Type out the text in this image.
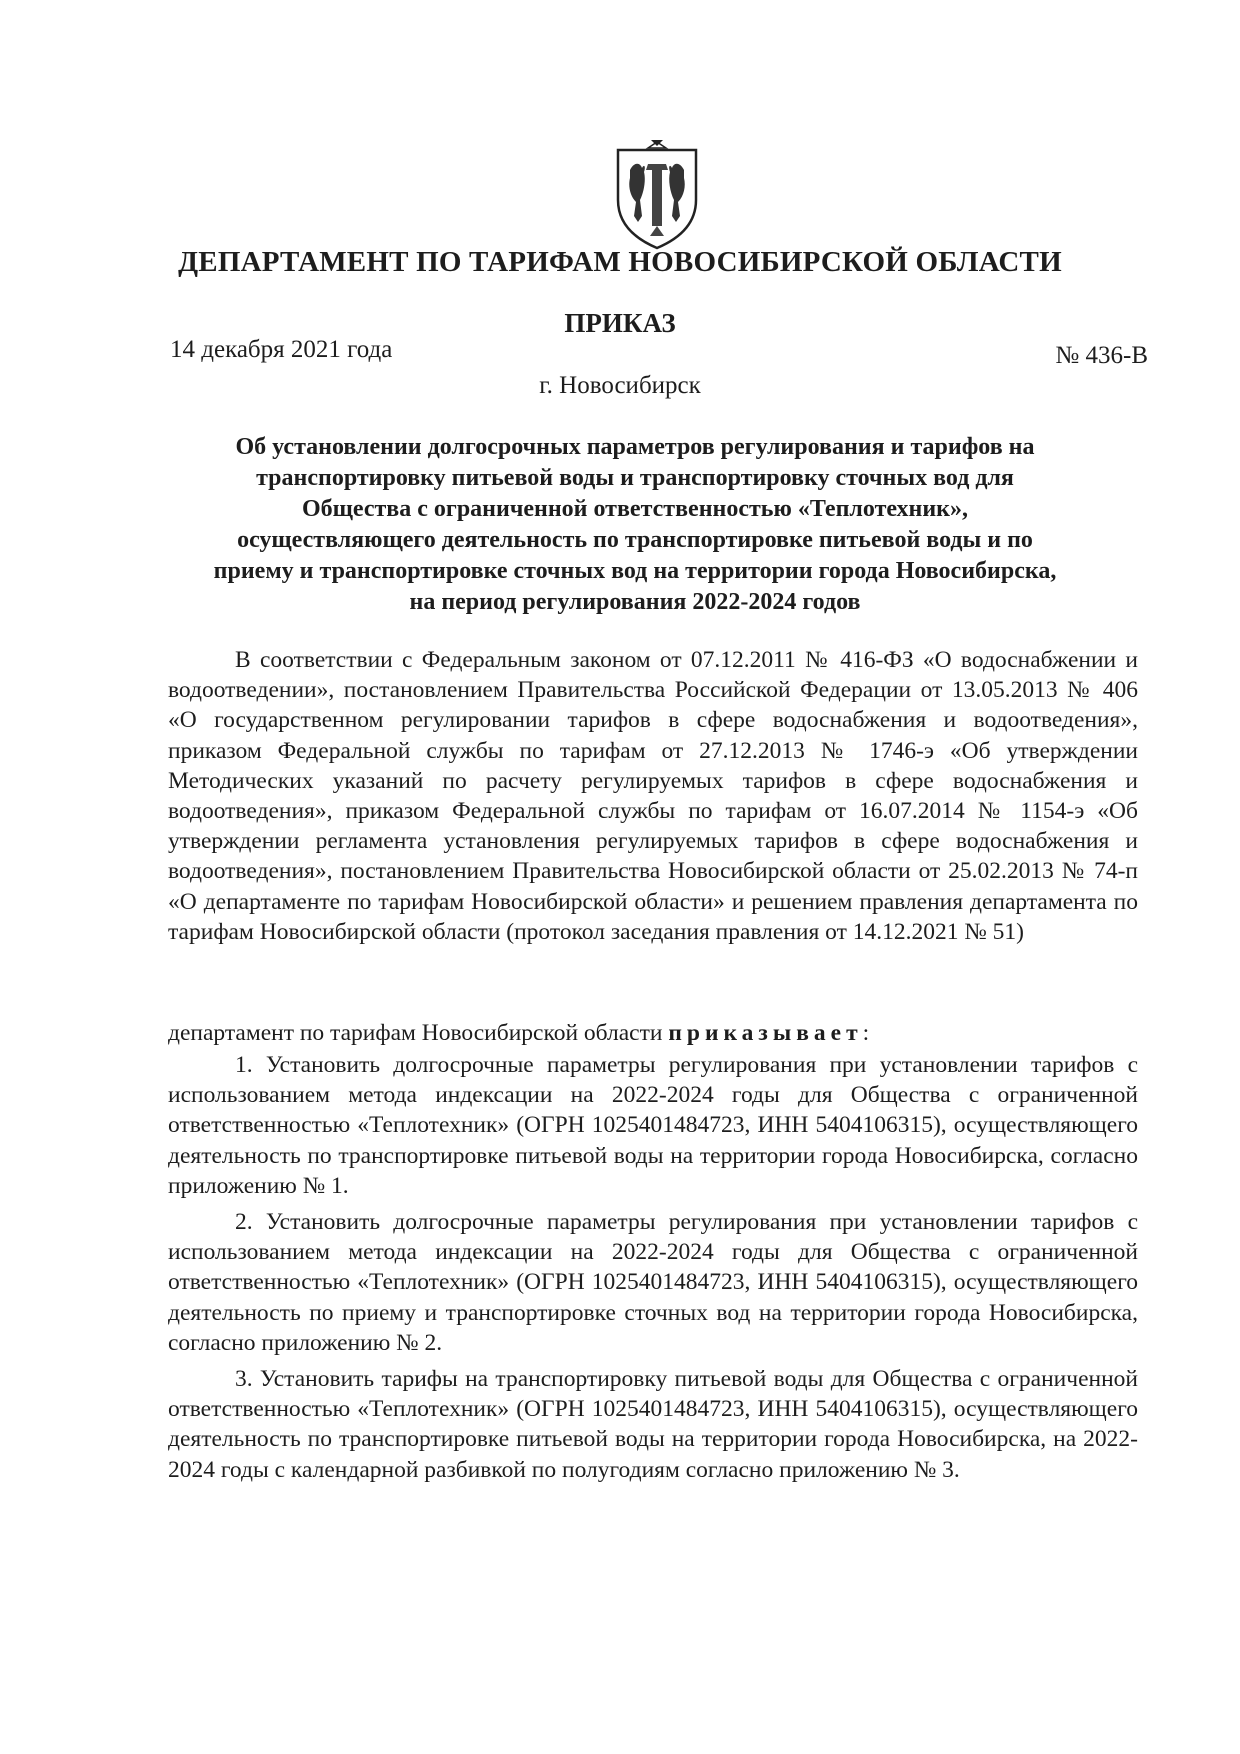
ДЕПАРТАМЕНТ ПО ТАРИФАМ НОВОСИБИРСКОЙ ОБЛАСТИ
ПРИКАЗ
14 декабря 2021 года	№ 436-В
г. Новосибирск
Об установлении долгосрочных параметров регулирования и тарифов на
транспортировку питьевой воды и транспортировку сточных вод для
Общества с ограниченной ответственностью «Теплотехник»,
осуществляющего деятельность по транспортировке питьевой воды и по
приему и транспортировке сточных вод на территории города Новосибирска,
на период регулирования 2022-2024 годов
В соответствии с Федеральным законом от 07.12.2011 № 416-ФЗ «О водоснабжении и водоотведении», постановлением Правительства Российской Федерации от 13.05.2013 № 406 «О государственном регулировании тарифов в сфере водоснабжения и водоотведения», приказом Федеральной службы по тарифам от 27.12.2013 № 1746-э «Об утверждении Методических указаний по расчету регулируемых тарифов в сфере водоснабжения и водоотведения», приказом Федеральной службы по тарифам от 16.07.2014 № 1154-э «Об утверждении регламента установления регулируемых тарифов в сфере водоснабжения и водоотведения», постановлением Правительства Новосибирской области от 25.02.2013 № 74-п «О департаменте по тарифам Новосибирской области» и решением правления департамента по тарифам Новосибирской области (протокол заседания правления от 14.12.2021 № 51)
департамент по тарифам Новосибирской области приказывает:
1. Установить долгосрочные параметры регулирования при установлении тарифов с использованием метода индексации на 2022-2024 годы для Общества с ограниченной ответственностью «Теплотехник» (ОГРН 1025401484723, ИНН 5404106315), осуществляющего деятельность по транспортировке питьевой воды на территории города Новосибирска, согласно приложению № 1.
2. Установить долгосрочные параметры регулирования при установлении тарифов с использованием метода индексации на 2022-2024 годы для Общества с ограниченной ответственностью «Теплотехник» (ОГРН 1025401484723, ИНН 5404106315), осуществляющего деятельность по приему и транспортировке сточных вод на территории города Новосибирска, согласно приложению № 2.
3. Установить тарифы на транспортировку питьевой воды для Общества с ограниченной ответственностью «Теплотехник» (ОГРН 1025401484723, ИНН 5404106315), осуществляющего деятельность по транспортировке питьевой воды на территории города Новосибирска, на 2022-2024 годы с календарной разбивкой по полугодиям согласно приложению № 3.
